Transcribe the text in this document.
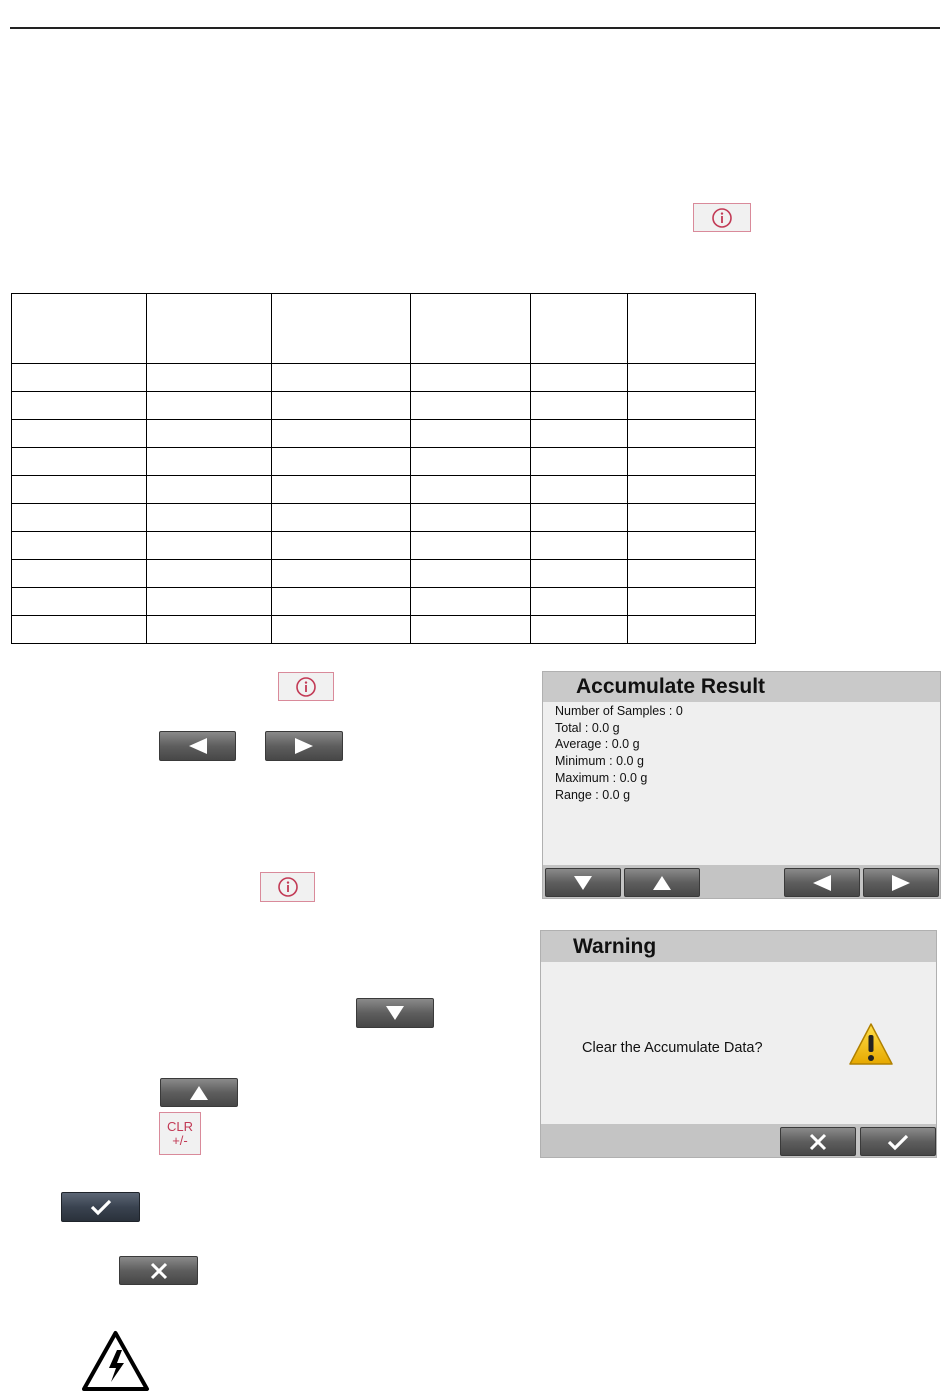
CLR
+/-
Accumulate Result
Number of Samples : 0
Total : 0.0 g
Average : 0.0 g
Minimum : 0.0 g
Maximum : 0.0 g
Range : 0.0 g
Warning
Clear the Accumulate Data?
